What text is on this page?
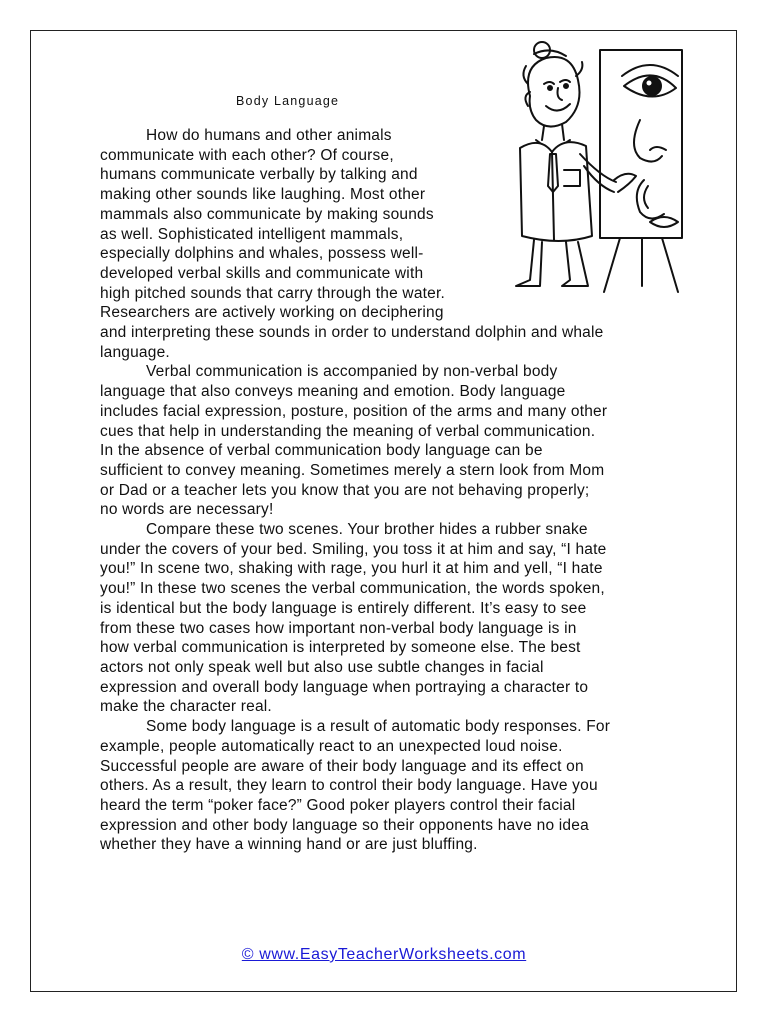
Body Language
How do humans and other animals
communicate with each other? Of course,
humans communicate verbally by talking and
making other sounds like laughing. Most other
mammals also communicate by making sounds
as well. Sophisticated intelligent mammals,
especially dolphins and whales, possess well-
developed verbal skills and communicate with
high pitched sounds that carry through the water.
Researchers are actively working on deciphering
and interpreting these sounds in order to understand dolphin and whale
language.
Verbal communication is accompanied by non-verbal body
language that also conveys meaning and emotion. Body language
includes facial expression, posture, position of the arms and many other
cues that help in understanding the meaning of verbal communication.
In the absence of verbal communication body language can be
sufficient to convey meaning. Sometimes merely a stern look from Mom
or Dad or a teacher lets you know that you are not behaving properly;
no words are necessary!
Compare these two scenes. Your brother hides a rubber snake
under the covers of your bed. Smiling, you toss it at him and say, “I hate
you!” In scene two, shaking with rage, you hurl it at him and yell, “I hate
you!” In these two scenes the verbal communication, the words spoken,
is identical but the body language is entirely different. It’s easy to see
from these two cases how important non-verbal body language is in
how verbal communication is interpreted by someone else. The best
actors not only speak well but also use subtle changes in facial
expression and overall body language when portraying a character to
make the character real.
Some body language is a result of automatic body responses. For
example, people automatically react to an unexpected loud noise.
Successful people are aware of their body language and its effect on
others. As a result, they learn to control their body language. Have you
heard the term “poker face?” Good poker players control their facial
expression and other body language so their opponents have no idea
whether they have a winning hand or are just bluffing.
© www.EasyTeacherWorksheets.com
